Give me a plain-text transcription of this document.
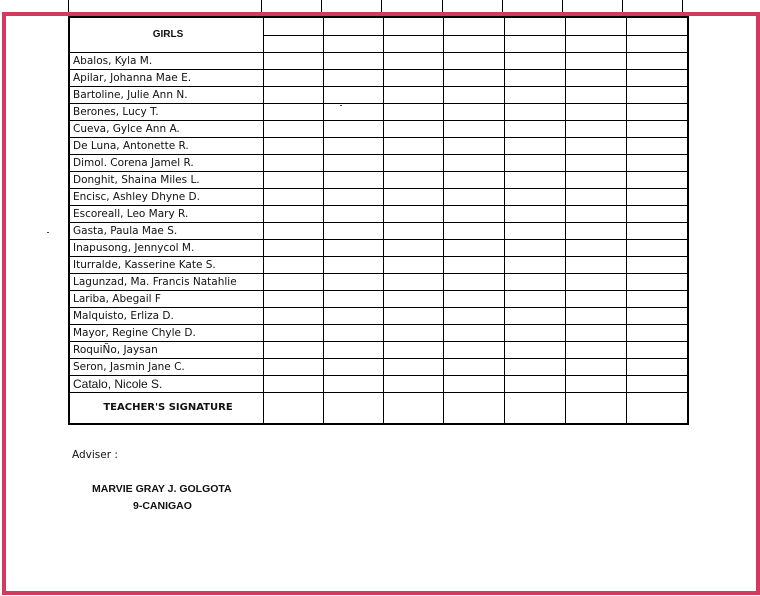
GIRLS							

Abalos, Kyla M.							
Apilar, Johanna Mae E.							
Bartoline, Julie Ann N.							
Berones, Lucy T.							
Cueva, Gylce Ann A.							
De Luna, Antonette R.							
Dimol. Corena Jamel R.							
Donghit, Shaina Miles L.							
Encisc, Ashley Dhyne D.							
Escoreall, Leo Mary R.							
Gasta, Paula Mae S.							
Inapusong, Jennycol M.							
Iturralde, Kasserine Kate S.							
Lagunzad, Ma. Francis Natahlie							
Lariba, Abegail F							
Malquisto, Erliza D.							
Mayor, Regine Chyle D.							
RoquiÑo, Jaysan							
Seron, Jasmin Jane C.							
Catalo, Nicole S.							
TEACHER'S SIGNATURE							
Adviser :
MARVIE GRAY J. GOLGOTA
9-CANIGAO
